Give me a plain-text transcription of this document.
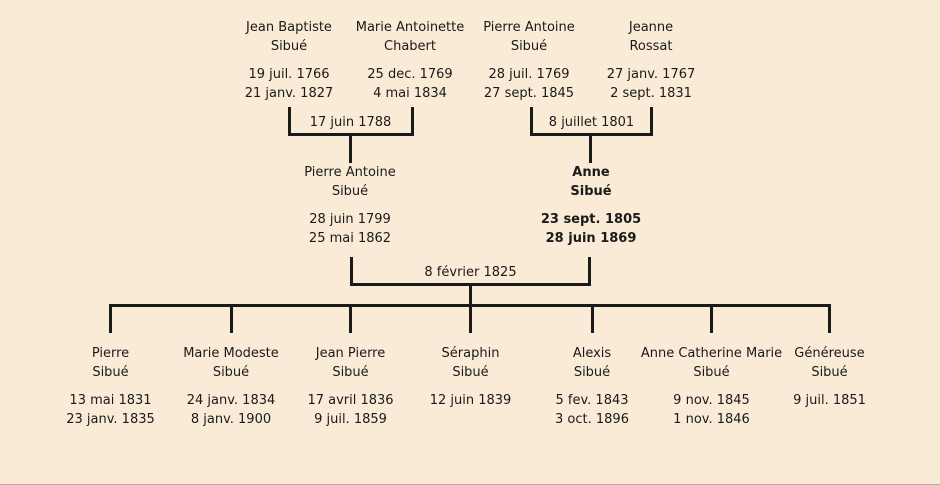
Jean Baptiste
Sibué
19 juil. 1766
21 janv. 1827
Marie Antoinette
Chabert
25 dec. 1769
4 mai 1834
Pierre Antoine
Sibué
28 juil. 1769
27 sept. 1845
Jeanne
Rossat
27 janv. 1767
2 sept. 1831
17 juin 1788	8 juillet 1801
Pierre Antoine
Sibué
28 juin 1799
25 mai 1862
Anne
Sibué
23 sept. 1805
28 juin 1869
8 février 1825
Pierre
Sibué
13 mai 1831
23 janv. 1835
Marie Modeste
Sibué
24 janv. 1834
8 janv. 1900
Jean Pierre
Sibué
17 avril 1836
9 juil. 1859
Séraphin
Sibué
12 juin 1839
Alexis
Sibué
5 fev. 1843
3 oct. 1896
Anne Catherine Marie
Sibué
9 nov. 1845
1 nov. 1846
Généreuse
Sibué
9 juil. 1851
